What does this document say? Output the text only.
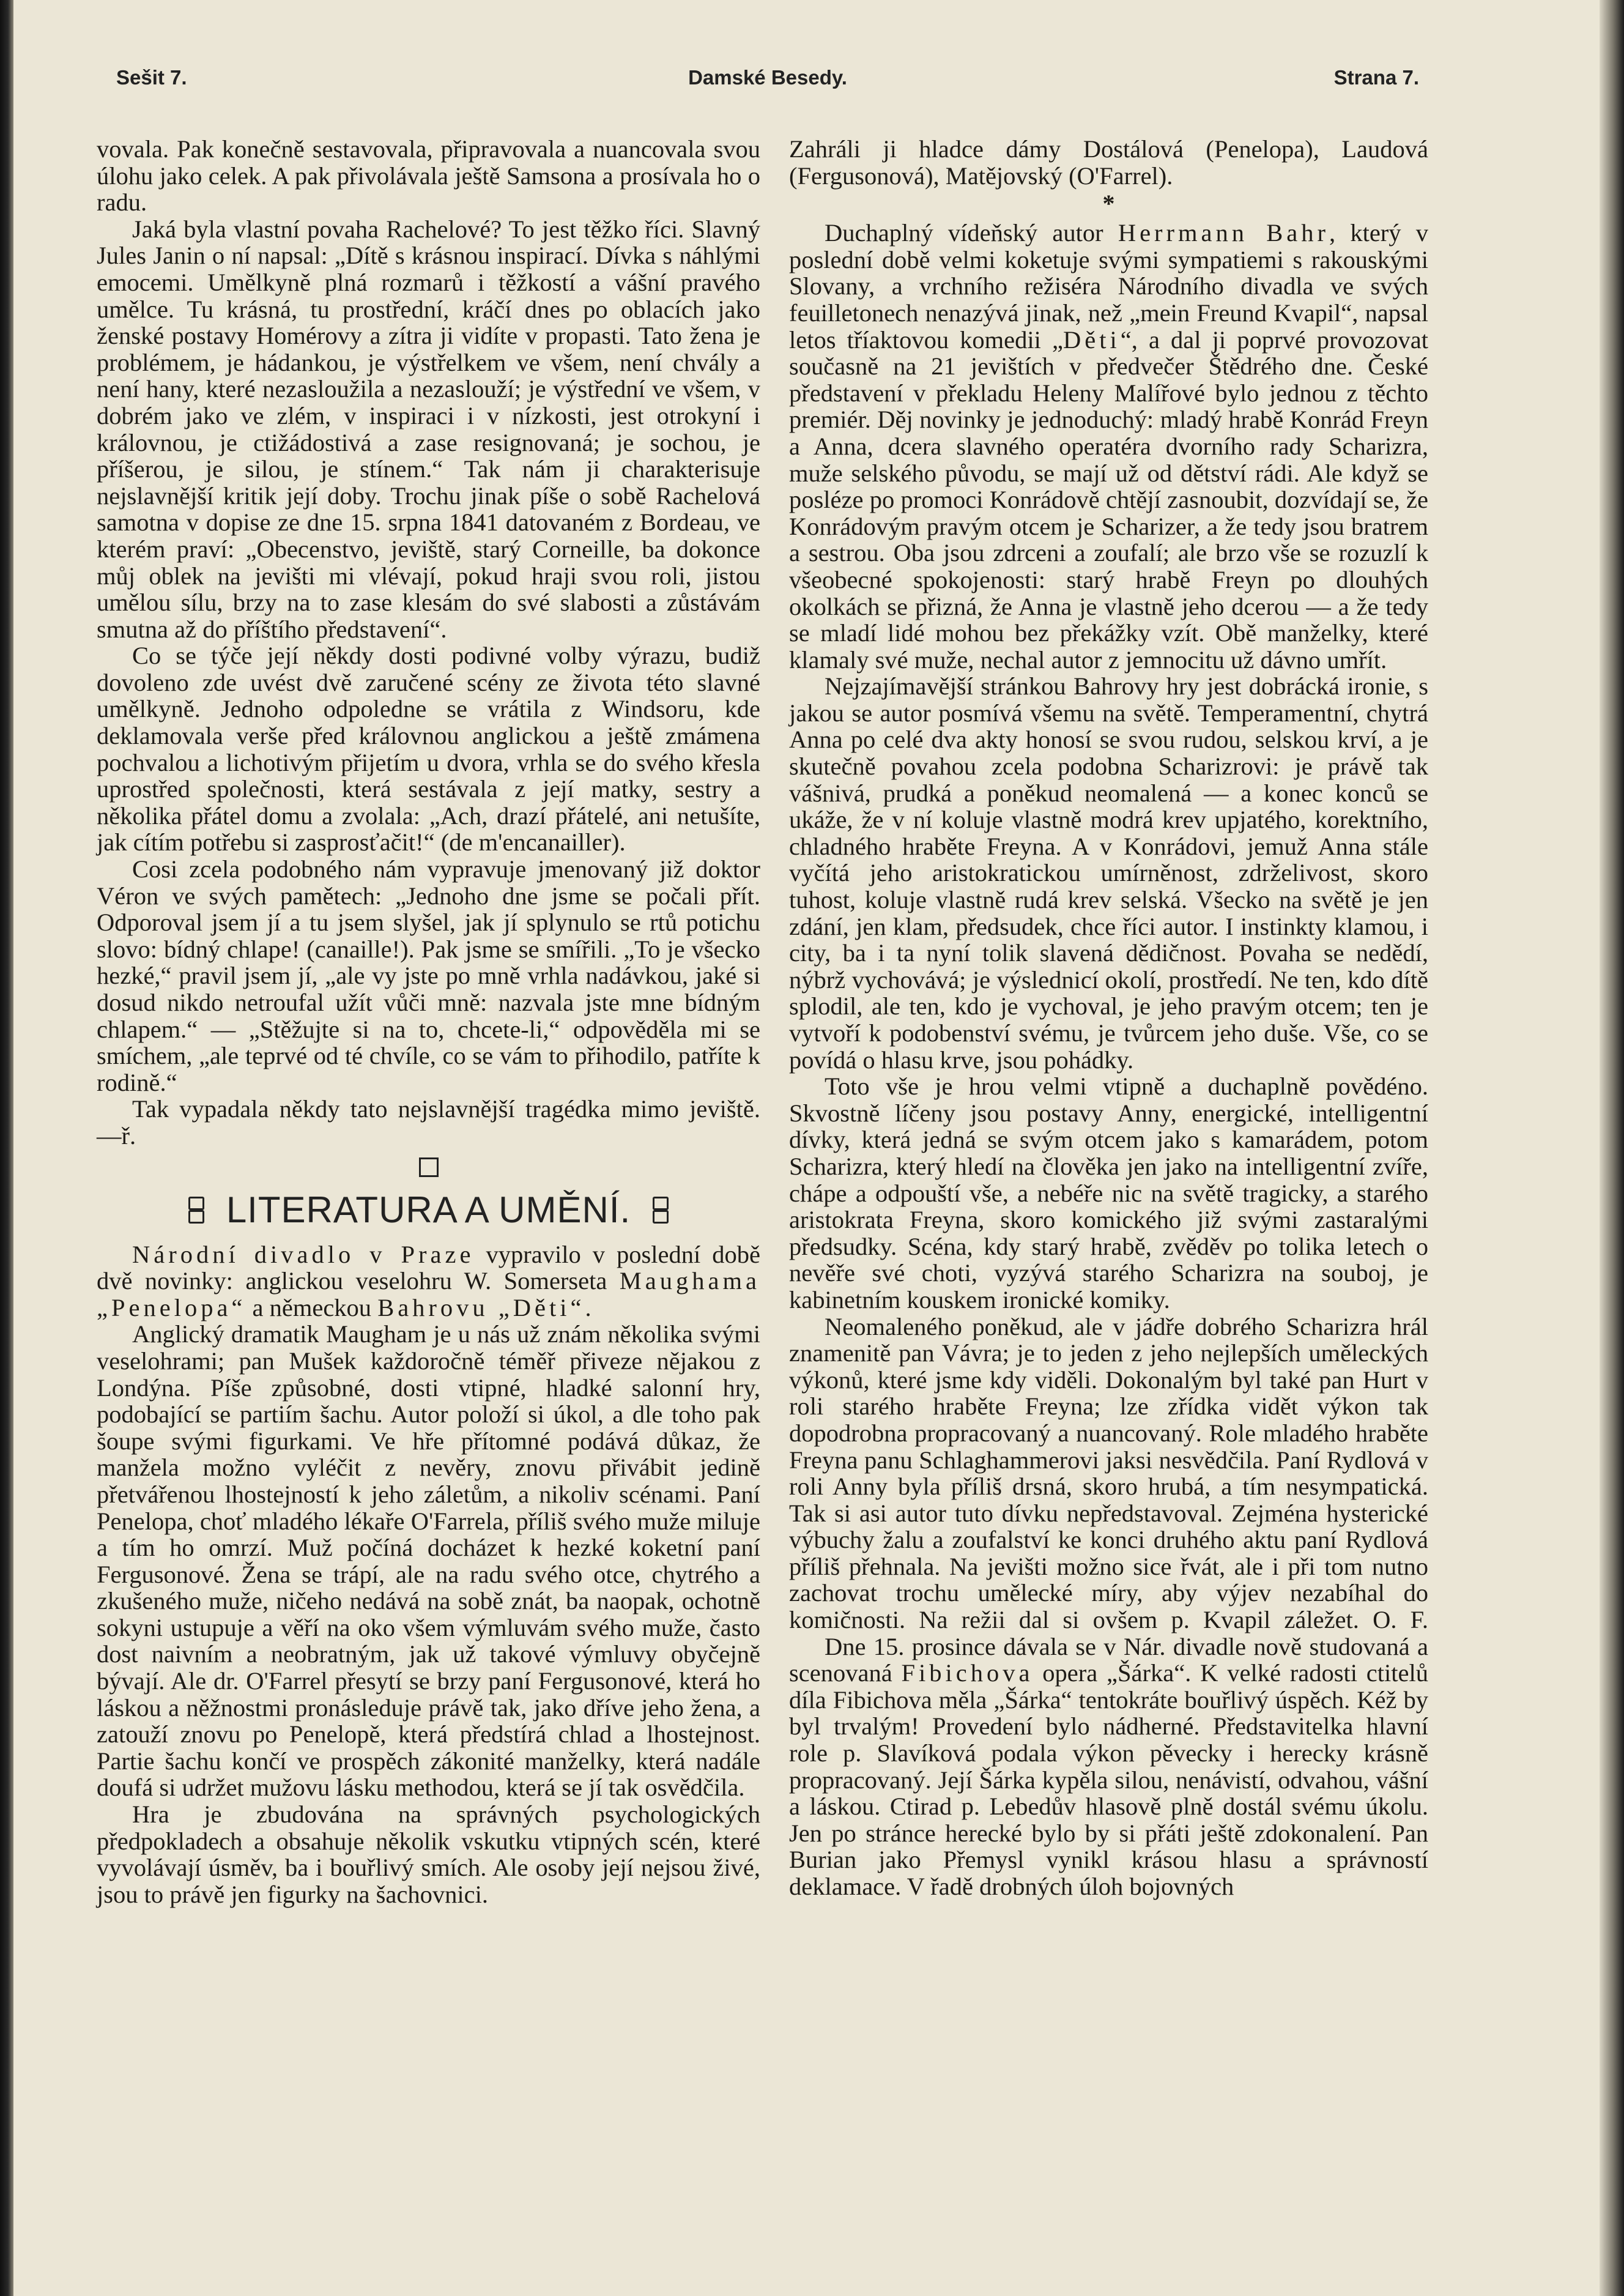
Sešit 7.	Damské Besedy.	Strana 7.

vovala. Pak konečně sestavovala, připravovala a nuancovala svou úlohu jako celek. A pak přivolávala ještě Samsona a prosívala ho o radu.

Jaká byla vlastní povaha Rachelové? To jest těžko říci. Slavný Jules Janin o ní napsal: „Dítě s krásnou inspirací. Dívka s náhlými emocemi. Umělkyně plná rozmarů i těžkostí a vášní pravého umělce. Tu krásná, tu prostřední, kráčí dnes po oblacích jako ženské postavy Homérovy a zítra ji vidíte v propasti. Tato žena je problémem, je hádankou, je výstřelkem ve všem, není chvály a není hany, které nezasloužila a nezaslouží; je výstřední ve všem, v dobrém jako ve zlém, v inspiraci i v nízkosti, jest otrokyní i královnou, je ctižádostivá a zase resignovaná; je sochou, je příšerou, je silou, je stínem.“ Tak nám ji charakterisuje nejslavnější kritik její doby. Trochu jinak píše o sobě Rachelová samotna v dopise ze dne 15. srpna 1841 datovaném z Bordeau, ve kterém praví: „Obecenstvo, jeviště, starý Corneille, ba dokonce můj oblek na jevišti mi vlévají, pokud hraji svou roli, jistou umělou sílu, brzy na to zase klesám do své slabosti a zůstávám smutna až do příštího představení“.

Co se týče její někdy dosti podivné volby výrazu, budiž dovoleno zde uvést dvě zaručené scény ze života této slavné umělkyně. Jednoho odpoledne se vrátila z Windsoru, kde deklamovala verše před královnou anglickou a ještě zmámena pochvalou a lichotivým přijetím u dvora, vrhla se do svého křesla uprostřed společnosti, která sestávala z její matky, sestry a několika přátel domu a zvolala: „Ach, drazí přátelé, ani netušíte, jak cítím potřebu si zasprosťačit!“ (de m'encanailler).

Cosi zcela podobného nám vypravuje jmenovaný již doktor Véron ve svých pamětech: „Jednoho dne jsme se počali přít. Odporoval jsem jí a tu jsem slyšel, jak jí splynulo se rtů potichu slovo: bídný chlape! (canaille!). Pak jsme se smířili. „To je všecko hezké,“ pravil jsem jí, „ale vy jste po mně vrhla nadávkou, jaké si dosud nikdo netroufal užít vůči mně: nazvala jste mne bídným chlapem.“ — „Stěžujte si na to, chcete-li,“ odpověděla mi se smíchem, „ale teprvé od té chvíle, co se vám to přihodilo, patříte k rodině.“

Tak vypadala někdy tato nejslavnější tragédka mimo jeviště. —ř.

LITERATURA A UMĚNÍ.

Národní divadlo v Praze vypravilo v poslední době dvě novinky: anglickou veselohru W. Somerseta Maughama „Penelopa“ a německou Bahrovu „Děti“.

Anglický dramatik Maugham je u nás už znám několika svými veselohrami; pan Mušek každoročně téměř přiveze nějakou z Londýna. Píše způsobné, dosti vtipné, hladké salonní hry, podobající se partiím šachu. Autor položí si úkol, a dle toho pak šoupe svými figurkami. Ve hře přítomné podává důkaz, že manžela možno vyléčit z nevěry, znovu přivábit jedině přetvářenou lhostejností k jeho záletům, a nikoliv scénami. Paní Penelopa, choť mladého lékaře O'Farrela, příliš svého muže miluje a tím ho omrzí. Muž počíná docházet k hezké koketní paní Fergusonové. Žena se trápí, ale na radu svého otce, chytrého a zkušeného muže, ničeho nedává na sobě znát, ba naopak, ochotně sokyni ustupuje a věří na oko všem výmluvám svého muže, často dost naivním a neobratným, jak už takové výmluvy obyčejně bývají. Ale dr. O'Farrel přesytí se brzy paní Fergusonové, která ho láskou a něžnostmi pronásleduje právě tak, jako dříve jeho žena, a zatouží znovu po Penelopě, která předstírá chlad a lhostejnost. Partie šachu končí ve prospěch zákonité manželky, která nadále doufá si udržet mužovu lásku methodou, která se jí tak osvědčila.

Hra je zbudována na správných psychologických předpokladech a obsahuje několik vskutku vtipných scén, které vyvolávají úsměv, ba i bouřlivý smích. Ale osoby její nejsou živé, jsou to právě jen figurky na šachovnici.

Zahráli ji hladce dámy Dostálová (Penelopa), Laudová (Fergusonová), Matějovský (O'Farrel).

*

Duchaplný vídeňský autor Herrmann Bahr, který v poslední době velmi koketuje svými sympatiemi s rakouskými Slovany, a vrchního režiséra Národního divadla ve svých feuilletonech nenazývá jinak, než „mein Freund Kvapil“, napsal letos tříaktovou komedii „Děti“, a dal ji poprvé provozovat současně na 21 jevištích v předvečer Štědrého dne. České představení v překladu Heleny Malířové bylo jednou z těchto premiér. Děj novinky je jednoduchý: mladý hrabě Konrád Freyn a Anna, dcera slavného operatéra dvorního rady Scharizra, muže selského původu, se mají už od dětství rádi. Ale když se posléze po promoci Konrádově chtějí zasnoubit, dozvídají se, že Konrádovým pravým otcem je Scharizer, a že tedy jsou bratrem a sestrou. Oba jsou zdrceni a zoufalí; ale brzo vše se rozuzlí k všeobecné spokojenosti: starý hrabě Freyn po dlouhých okolkách se přizná, že Anna je vlastně jeho dcerou — a že tedy se mladí lidé mohou bez překážky vzít. Obě manželky, které klamaly své muže, nechal autor z jemnocitu už dávno umřít.

Nejzajímavější stránkou Bahrovy hry jest dobrácká ironie, s jakou se autor posmívá všemu na světě. Temperamentní, chytrá Anna po celé dva akty honosí se svou rudou, selskou krví, a je skutečně povahou zcela podobna Scharizrovi: je právě tak vášnivá, prudká a poněkud neomalená — a konec konců se ukáže, že v ní koluje vlastně modrá krev upjatého, korektního, chladného hraběte Freyna. A v Konrádovi, jemuž Anna stále vyčítá jeho aristokratickou umírněnost, zdrželivost, skoro tuhost, koluje vlastně rudá krev selská. Všecko na světě je jen zdání, jen klam, předsudek, chce říci autor. I instinkty klamou, i city, ba i ta nyní tolik slavená dědičnost. Povaha se nedědí, nýbrž vychovává; je výslednicí okolí, prostředí. Ne ten, kdo dítě splodil, ale ten, kdo je vychoval, je jeho pravým otcem; ten je vytvoří k podobenství svému, je tvůrcem jeho duše. Vše, co se povídá o hlasu krve, jsou pohádky.

Toto vše je hrou velmi vtipně a duchaplně povědéno. Skvostně líčeny jsou postavy Anny, energické, intelligentní dívky, která jedná se svým otcem jako s kamarádem, potom Scharizra, který hledí na člověka jen jako na intelligentní zvíře, chápe a odpouští vše, a nebéře nic na světě tragicky, a starého aristokrata Freyna, skoro komického již svými zastaralými předsudky. Scéna, kdy starý hrabě, zvěděv po tolika letech o nevěře své choti, vyzývá starého Scharizra na souboj, je kabinetním kouskem ironické komiky.

Neomaleného poněkud, ale v jádře dobrého Scharizra hrál znamenitě pan Vávra; je to jeden z jeho nejlepších uměleckých výkonů, které jsme kdy viděli. Dokonalým byl také pan Hurt v roli starého hraběte Freyna; lze zřídka vidět výkon tak dopodrobna propracovaný a nuancovaný. Role mladého hraběte Freyna panu Schlaghammerovi jaksi nesvědčila. Paní Rydlová v roli Anny byla příliš drsná, skoro hrubá, a tím nesympatická. Tak si asi autor tuto dívku nepředstavoval. Zejména hysterické výbuchy žalu a zoufalství ke konci druhého aktu paní Rydlová příliš přehnala. Na jevišti možno sice řvát, ale i při tom nutno zachovat trochu umělecké míry, aby výjev nezabíhal do komičnosti. Na režii dal si ovšem p. Kvapil záležet. O. F.

Dne 15. prosince dávala se v Nár. divadle nově studovaná a scenovaná Fibichova opera „Šárka“. K velké radosti ctitelů díla Fibichova měla „Šárka“ tentokráte bouřlivý úspěch. Kéž by byl trvalým! Provedení bylo nádherné. Představitelka hlavní role p. Slavíková podala výkon pěvecky i herecky krásně propracovaný. Její Šárka kypěla silou, nenávistí, odvahou, vášní a láskou. Ctirad p. Lebedův hlasově plně dostál svému úkolu. Jen po stránce herecké bylo by si přáti ještě zdokonalení. Pan Burian jako Přemysl vynikl krásou hlasu a správností deklamace. V řadě drobných úloh bojovných
